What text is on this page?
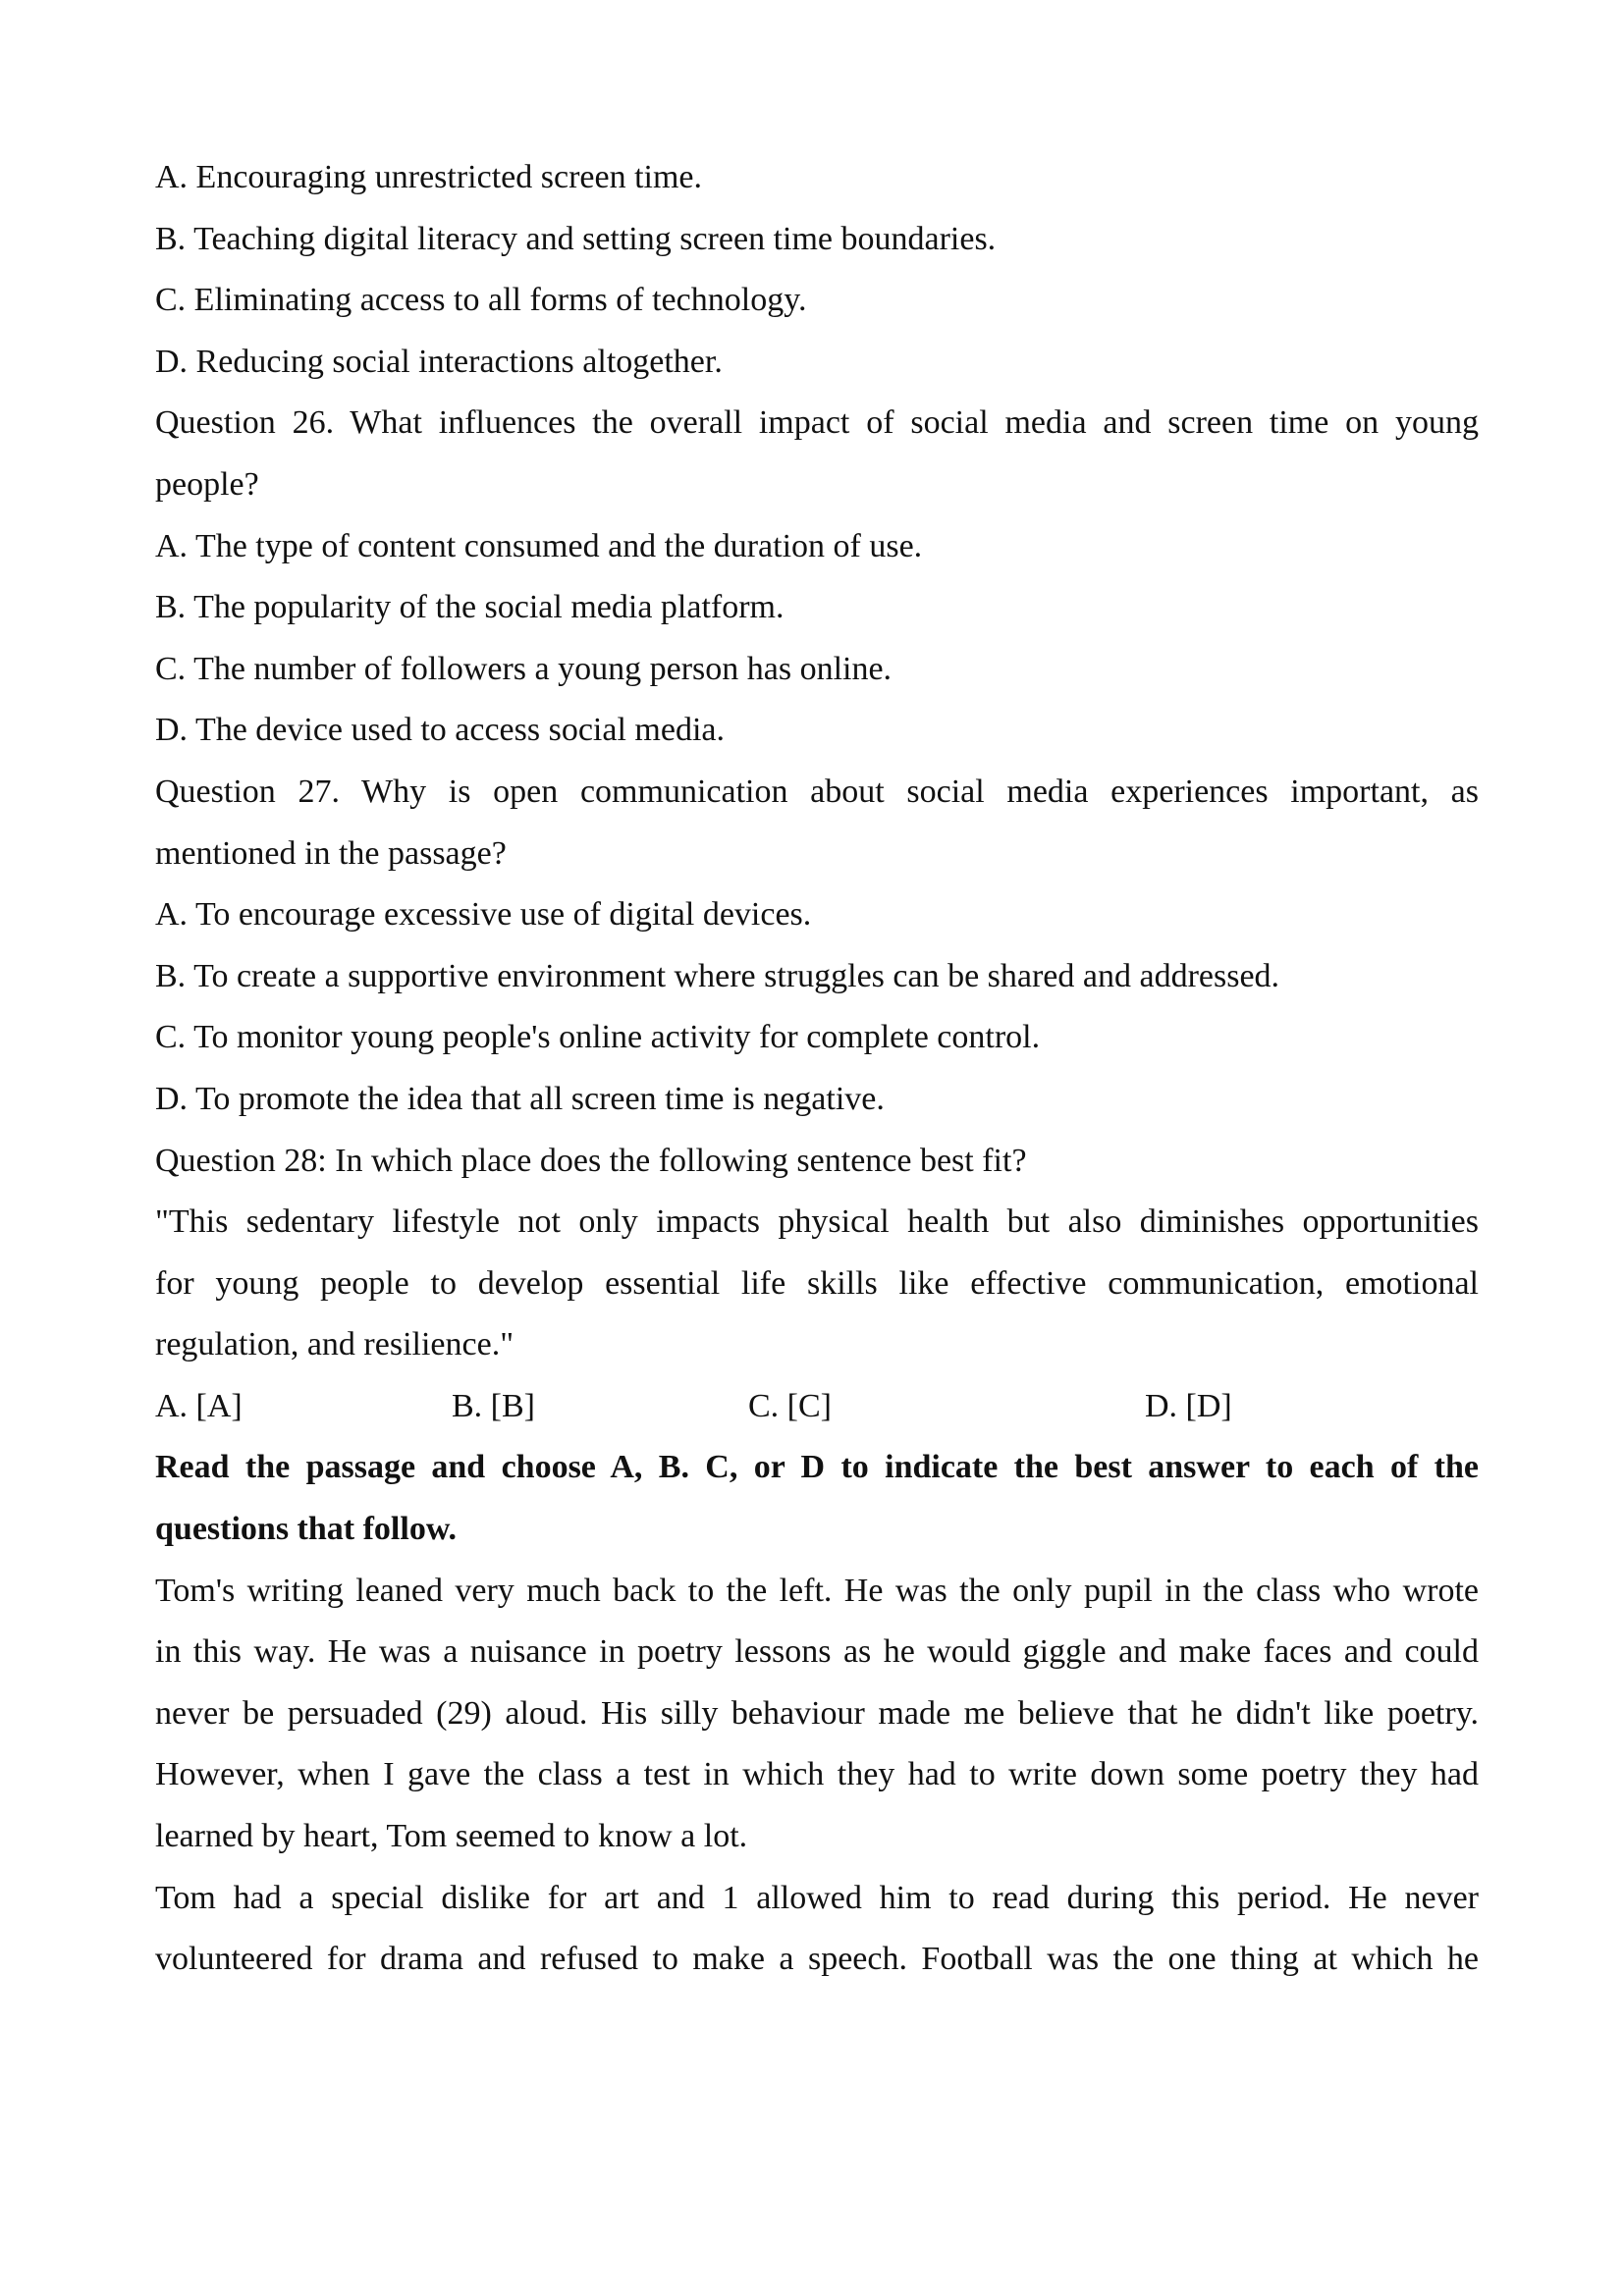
A. Encouraging unrestricted screen time.
B. Teaching digital literacy and setting screen time boundaries.
C. Eliminating access to all forms of technology.
D. Reducing social interactions altogether.
Question 26. What influences the overall impact of social media and screen time on young
people?
A. The type of content consumed and the duration of use.
B. The popularity of the social media platform.
C. The number of followers a young person has online.
D. The device used to access social media.
Question 27. Why is open communication about social media experiences important, as
mentioned in the passage?
A. To encourage excessive use of digital devices.
B. To create a supportive environment where struggles can be shared and addressed.
C. To monitor young people's online activity for complete control.
D. To promote the idea that all screen time is negative.
Question 28: In which place does the following sentence best fit?
"This sedentary lifestyle not only impacts physical health but also diminishes opportunities
for young people to develop essential life skills like effective communication, emotional
regulation, and resilience."
A. [A]	B. [B]	C. [C]	D. [D]
Read the passage and choose A, B. C, or D to indicate the best answer to each of the
questions that follow.
Tom's writing leaned very much back to the left. He was the only pupil in the class who wrote
in this way. He was a nuisance in poetry lessons as he would giggle and make faces and could
never be persuaded (29) aloud. His silly behaviour made me believe that he didn't like poetry.
However, when I gave the class a test in which they had to write down some poetry they had
learned by heart, Tom seemed to know a lot.
Tom had a special dislike for art and 1 allowed him to read during this period. He never
volunteered for drama and refused to make a speech. Football was the one thing at which he
